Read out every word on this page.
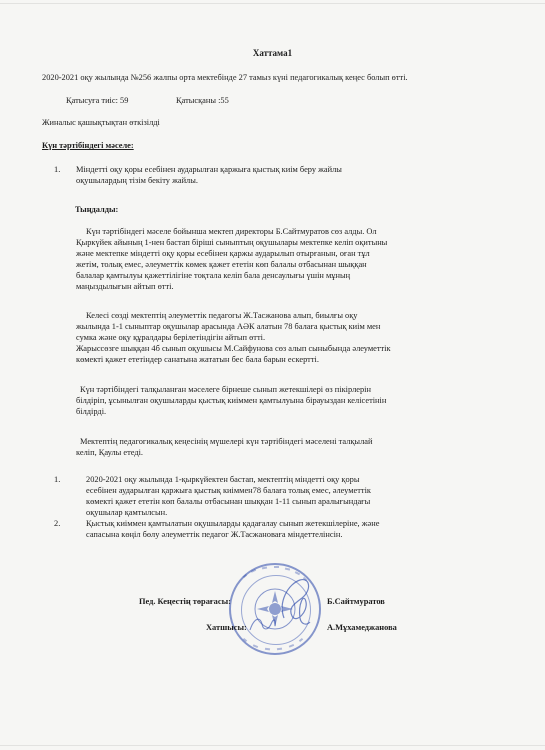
Хаттама1
2020-2021 оқу жылында №256 жалпы орта мектебінде 27 тамыз күні педагогикалық кеңес болып өтті.
Қатысуға тиіс: 59	Қатысқаны :55
Жиналыс қашықтықтан өткізілді
Күн тәртібіндегі мәселе:
1. Міндетті оқу қоры есебінен аударылған қаржыға қыстық киім беру жайлы
оқушылардың тізім бекіту жайлы.
Тыңдалды:
Күн тәртібіндегі мәселе бойынша мектеп директоры Б.Сайтмуратов сөз алды. Ол
Қыркүйек айының 1-нен бастап біріші сыныптың оқушылары мектепке келіп оқитыны
және мектепке міндетті оқу қоры есебінен қаржы аударылып отырғанын, оған тұл
жетім, толық емес, әлеуметтік көмек қажет ететін көп балалы отбасынан шыққан
балалар қамтылуы қажеттілігіне тоқтала келіп бала денсаулығы үшін мұның
маңыздылығын айтып өтті.
Келесі сөзді мектептің әлеуметтік педагогы Ж.Тасжанова алып, биылғы оқу
жылында 1-1 сыныптар оқушылар арасында АӘК алатын 78 балаға қыстық киім мен
сумка және оқу құралдары берілетіндігін айтып өтті.
Жарыссөзге шыққан 4б сынып оқушысы М.Сайфунова сөз алып сыныбында әлеуметтік
көмекті қажет ететіндер санатына жататын бес бала барын ескертті.
Күн тәртібіндегі талқыланған мәселеге бірнеше сынып жетекшілері өз пікірлерін
білдіріп, ұсынылған оқушыларды қыстық киіммен қамтылуына бірауыздан келісетінін
білдірді.
Мектептің педагогикалық кеңесінің мүшелері күн тәртібіндегі мәселені талқылай
келіп, Қаулы етеді.
1.	2020-2021 оқу жылында 1-қыркүйектен бастап, мектептің міндетті оқу қоры
есебінен аударылған қаржыға қыстық киіммен78 балаға толық емес, әлеуметтік
көмекті қажет ететін көп балалы отбасынан шыққан 1-11 сынып аралығындағы
оқушылар қамтылсын.
2.	Қыстық киіммен қамтылатын оқушыларды қадағалау сынып жетекшілеріне, және
сапасына көңіл бөлу әлеуметтік педагог Ж.Тасжановаға міндеттелінсін.
Пед. Кеңестің төрағасы:	Б.Сайтмуратов
Хатшысы:	А.Мұхамеджанова
